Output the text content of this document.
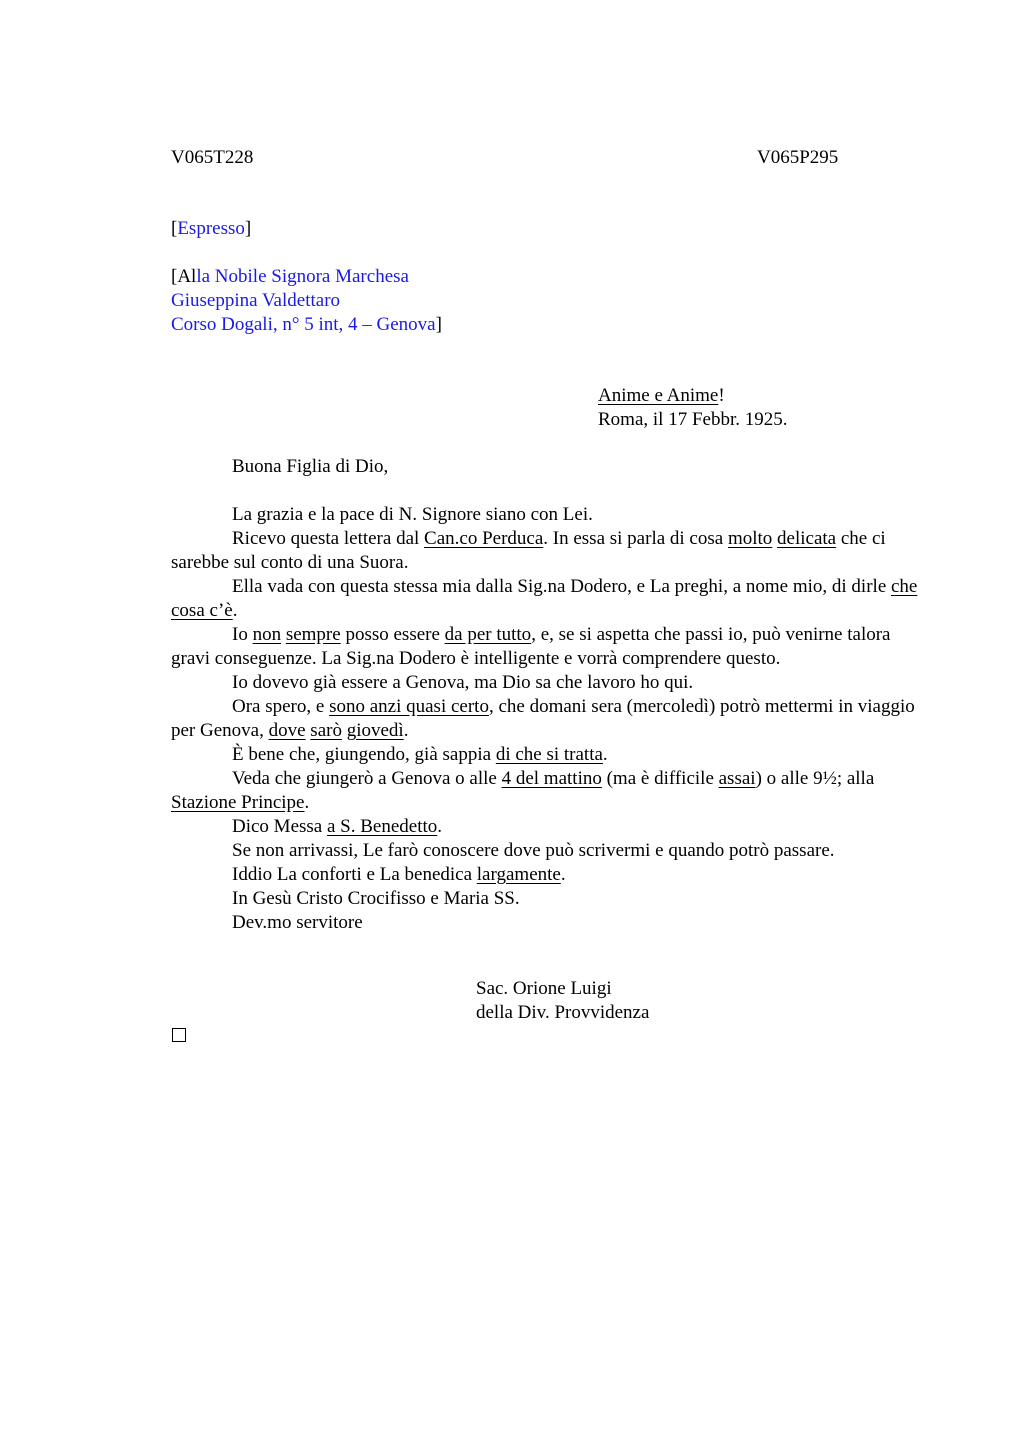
V065T228	V065P295
[Espresso]
[Alla Nobile Signora Marchesa
Giuseppina Valdettaro
Corso Dogali, n° 5 int, 4 – Genova]
Anime e Anime!
Roma, il 17 Febbr. 1925.
Buona Figlia di Dio,

La grazia e la pace di N. Signore siano con Lei.

Ricevo questa lettera dal Can.co Perduca. In essa si parla di cosa molto delicata che ci sarebbe sul conto di una Suora.

Ella vada con questa stessa mia dalla Sig.na Dodero, e La preghi, a nome mio, di dirle che cosa c’è.

Io non sempre posso essere da per tutto, e, se si aspetta che passi io, può venirne talora gravi conseguenze. La Sig.na Dodero è intelligente e vorrà comprendere questo.

Io dovevo già essere a Genova, ma Dio sa che lavoro ho qui.

Ora spero, e sono anzi quasi certo, che domani sera (mercoledì) potrò mettermi in viaggio per Genova, dove sarò giovedì.

È bene che, giungendo, già sappia di che si tratta.

Veda che giungerò a Genova o alle 4 del mattino (ma è difficile assai) o alle 9½; alla Stazione Principe.

Dico Messa a S. Benedetto.

Se non arrivassi, Le farò conoscere dove può scrivermi e quando potrò passare.

Iddio La conforti e La benedica largamente.

In Gesù Cristo Crocifisso e Maria SS.
Dev.mo servitore
Sac. Orione Luigi
della Div. Provvidenza
